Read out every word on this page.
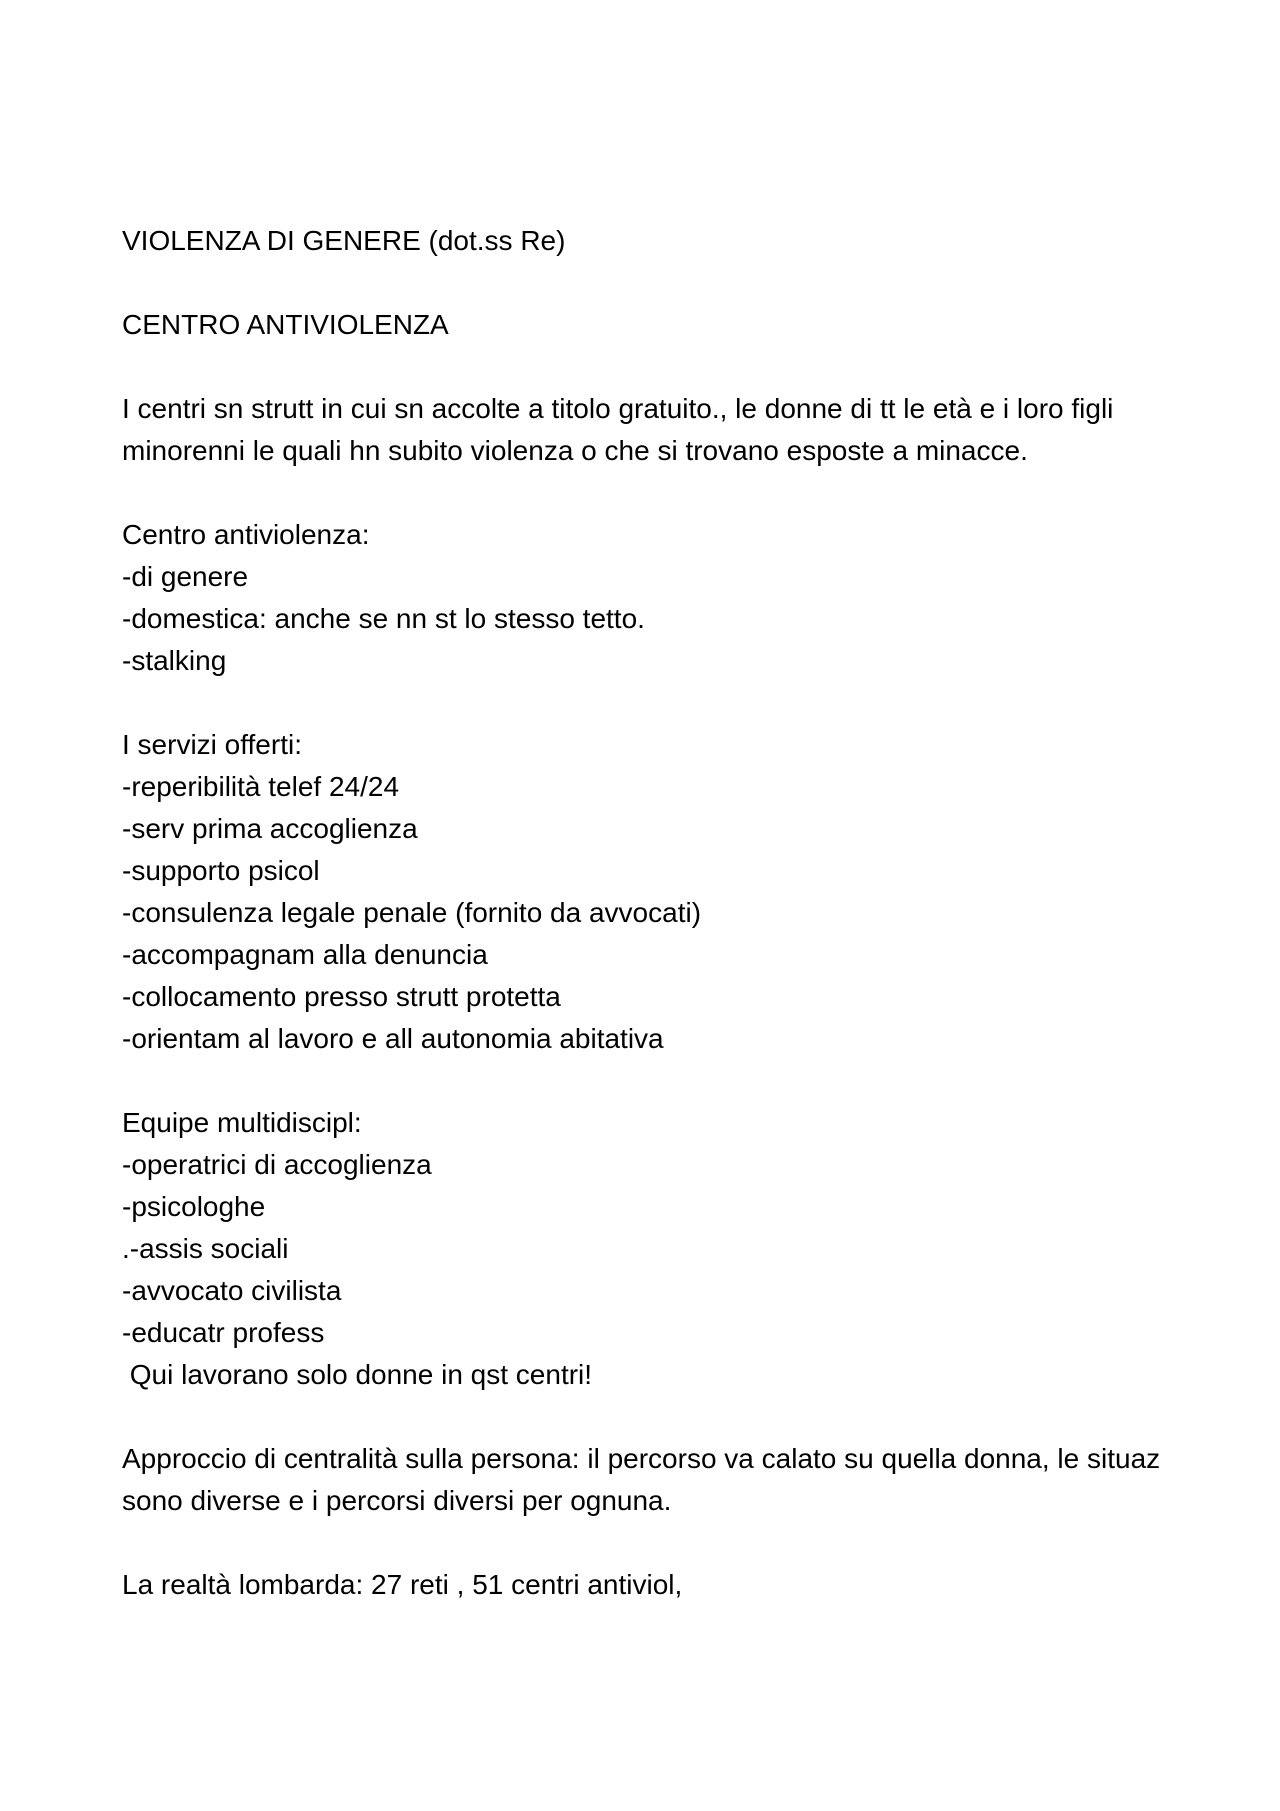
VIOLENZA DI GENERE (dot.ss Re)
CENTRO ANTIVIOLENZA
I centri sn strutt in cui sn accolte a titolo gratuito., le donne di tt le età e i loro figli minorenni le quali hn subito violenza o che si trovano esposte a minacce.
Centro antiviolenza:
-di genere
-domestica: anche se nn st lo stesso tetto.
-stalking
I servizi offerti:
-reperibilità telef 24/24
-serv prima accoglienza
-supporto psicol
-consulenza legale penale (fornito da avvocati)
-accompagnam alla denuncia
-collocamento presso strutt protetta
-orientam al lavoro e all autonomia abitativa
Equipe multidiscipl:
-operatrici di accoglienza
-psicologhe
.-assis sociali
-avvocato civilista
-educatr profess
Qui lavorano solo donne in qst centri!
Approccio di centralità sulla persona: il percorso va calato su quella donna, le situaz sono diverse e i percorsi diversi per ognuna.
La realtà lombarda: 27 reti , 51 centri antiviol,
